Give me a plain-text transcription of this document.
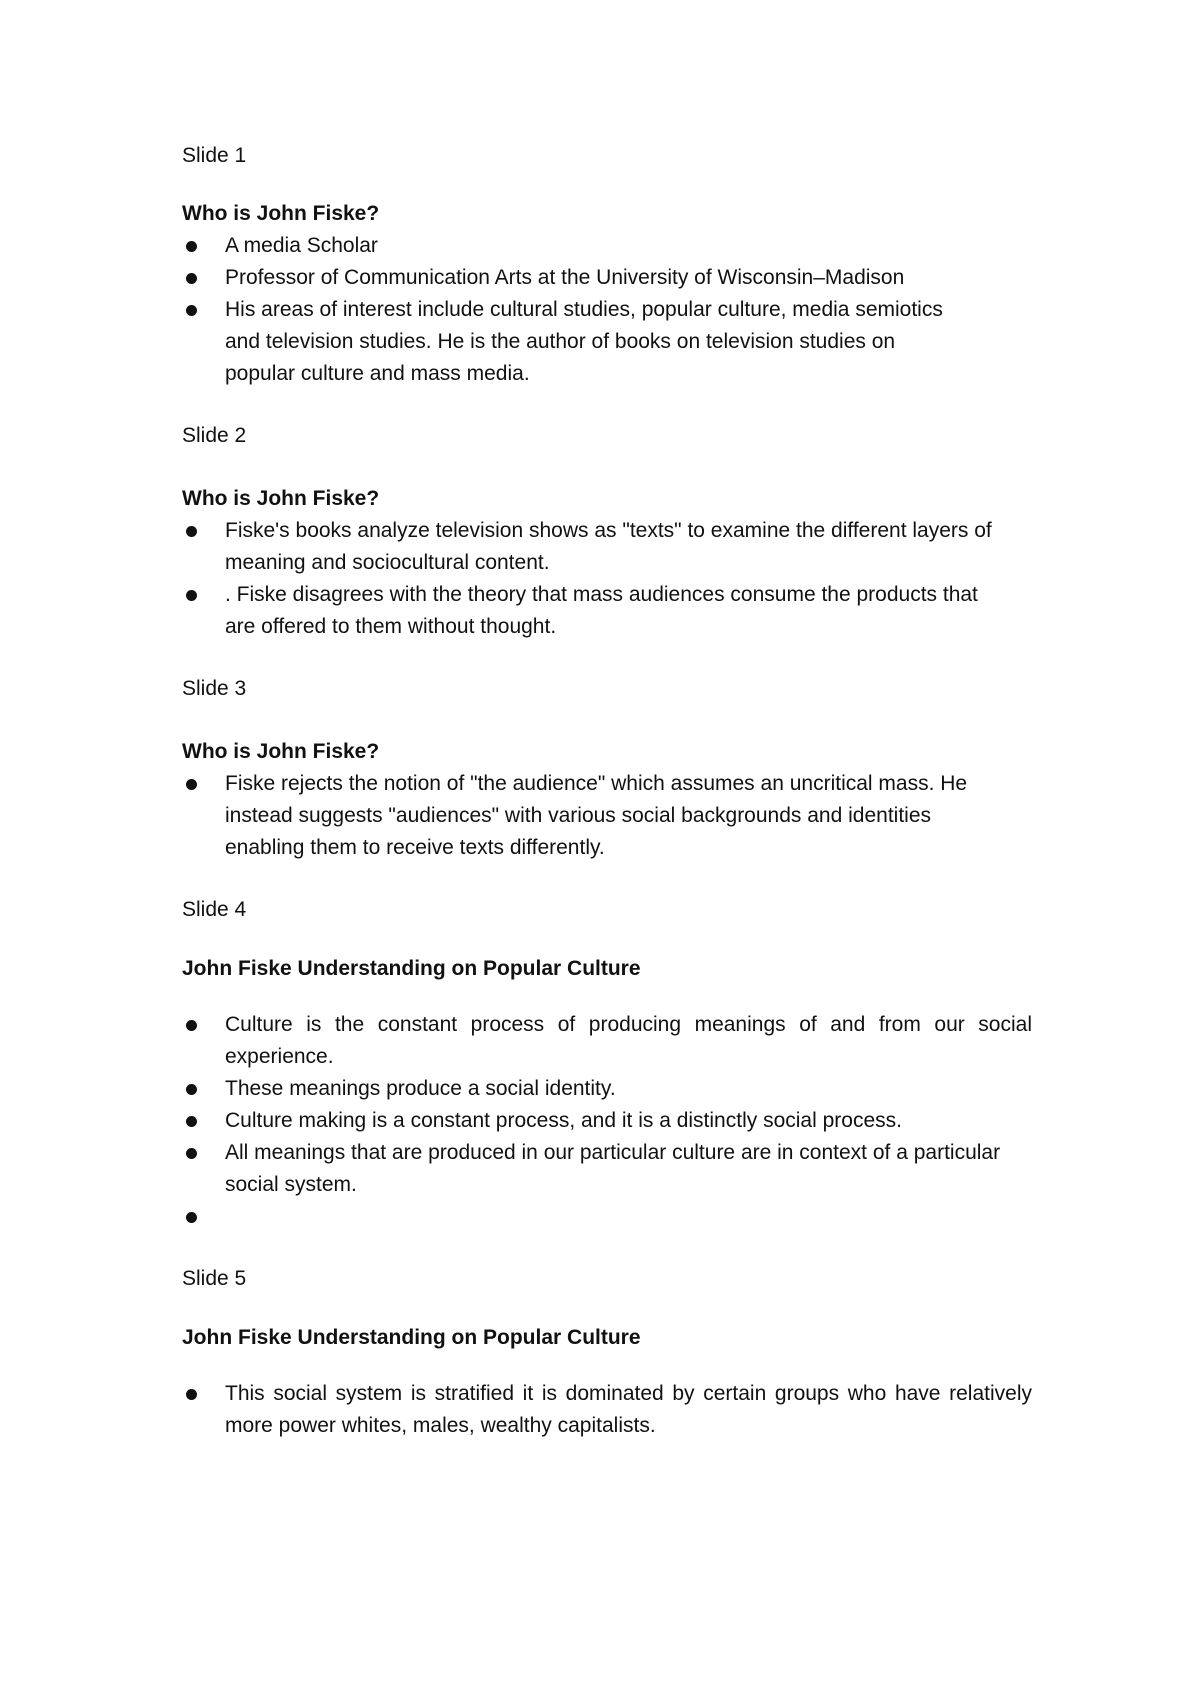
Slide 1

Who is John Fiske?

A media Scholar
Professor of Communication Arts at the University of Wisconsin–Madison
His areas of interest include cultural studies, popular culture, media semiotics and television studies. He is the author of books on television studies on popular culture and mass media.

Slide 2

Who is John Fiske?

Fiske's books analyze television shows as "texts" to examine the different layers of meaning and sociocultural content.
. Fiske disagrees with the theory that mass audiences consume the products that are offered to them without thought.

Slide 3

Who is John Fiske?

Fiske rejects the notion of "the audience" which assumes an uncritical mass. He instead suggests "audiences" with various social backgrounds and identities enabling them to receive texts differently.

Slide 4

John Fiske Understanding on Popular Culture

Culture is the constant process of producing meanings of and from our social experience.
These meanings produce a social identity.
Culture making is a constant process, and it is a distinctly social process.
All meanings that are produced in our particular culture are in context of a particular social system.

Slide 5

John Fiske Understanding on Popular Culture

This social system is stratified it is dominated by certain groups who have relatively more power whites, males, wealthy capitalists.
